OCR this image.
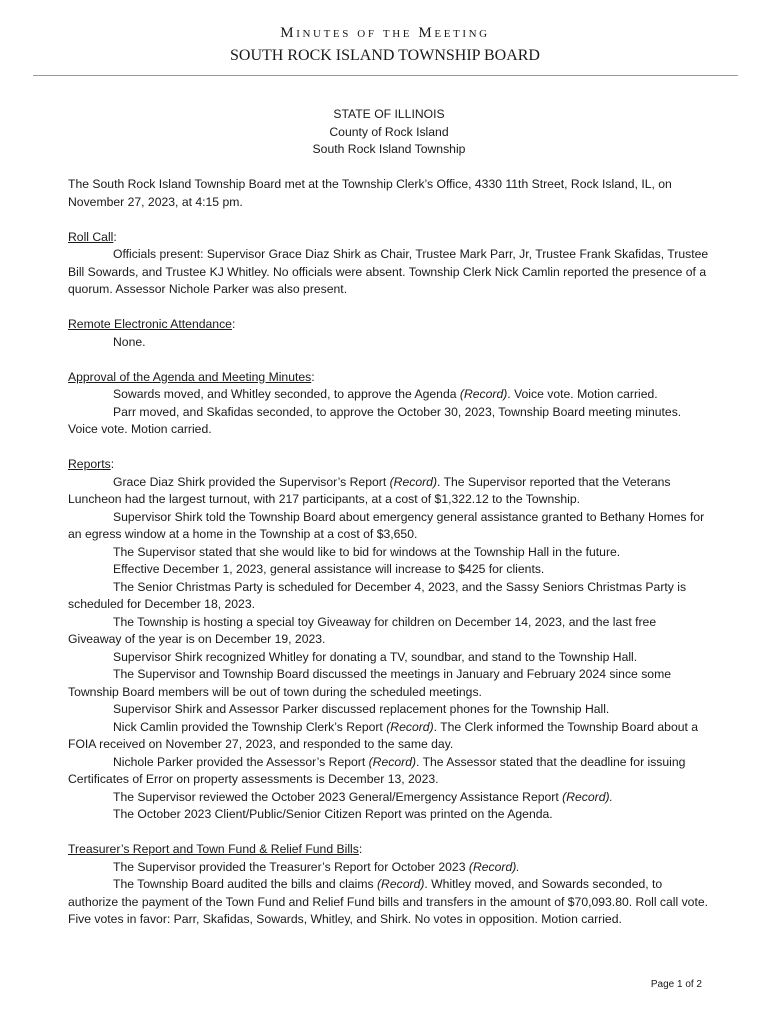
Minutes of the Meeting
SOUTH ROCK ISLAND TOWNSHIP BOARD
STATE OF ILLINOIS
County of Rock Island
South Rock Island Township

The South Rock Island Township Board met at the Township Clerk’s Office, 4330 11th Street, Rock Island, IL, on November 27, 2023, at 4:15 pm.

Roll Call:

Officials present: Supervisor Grace Diaz Shirk as Chair, Trustee Mark Parr, Jr, Trustee Frank Skafidas, Trustee Bill Sowards, and Trustee KJ Whitley. No officials were absent. Township Clerk Nick Camlin reported the presence of a quorum. Assessor Nichole Parker was also present.

Remote Electronic Attendance:

None.

Approval of the Agenda and Meeting Minutes:

Sowards moved, and Whitley seconded, to approve the Agenda (Record). Voice vote. Motion carried.

Parr moved, and Skafidas seconded, to approve the October 30, 2023, Township Board meeting minutes. Voice vote. Motion carried.

Reports:

Grace Diaz Shirk provided the Supervisor’s Report (Record). The Supervisor reported that the Veterans Luncheon had the largest turnout, with 217 participants, at a cost of $1,322.12 to the Township.

Supervisor Shirk told the Township Board about emergency general assistance granted to Bethany Homes for an egress window at a home in the Township at a cost of $3,650.

The Supervisor stated that she would like to bid for windows at the Township Hall in the future.

Effective December 1, 2023, general assistance will increase to $425 for clients.

The Senior Christmas Party is scheduled for December 4, 2023, and the Sassy Seniors Christmas Party is scheduled for December 18, 2023.

The Township is hosting a special toy Giveaway for children on December 14, 2023, and the last free Giveaway of the year is on December 19, 2023.

Supervisor Shirk recognized Whitley for donating a TV, soundbar, and stand to the Township Hall.

The Supervisor and Township Board discussed the meetings in January and February 2024 since some Township Board members will be out of town during the scheduled meetings.

Supervisor Shirk and Assessor Parker discussed replacement phones for the Township Hall.

Nick Camlin provided the Township Clerk’s Report (Record). The Clerk informed the Township Board about a FOIA received on November 27, 2023, and responded to the same day.

Nichole Parker provided the Assessor’s Report (Record). The Assessor stated that the deadline for issuing Certificates of Error on property assessments is December 13, 2023.

The Supervisor reviewed the October 2023 General/Emergency Assistance Report (Record).

The October 2023 Client/Public/Senior Citizen Report was printed on the Agenda.

Treasurer’s Report and Town Fund & Relief Fund Bills:

The Supervisor provided the Treasurer’s Report for October 2023 (Record).

The Township Board audited the bills and claims (Record). Whitley moved, and Sowards seconded, to authorize the payment of the Town Fund and Relief Fund bills and transfers in the amount of $70,093.80. Roll call vote. Five votes in favor: Parr, Skafidas, Sowards, Whitley, and Shirk. No votes in opposition. Motion carried.

Page 1 of 2
